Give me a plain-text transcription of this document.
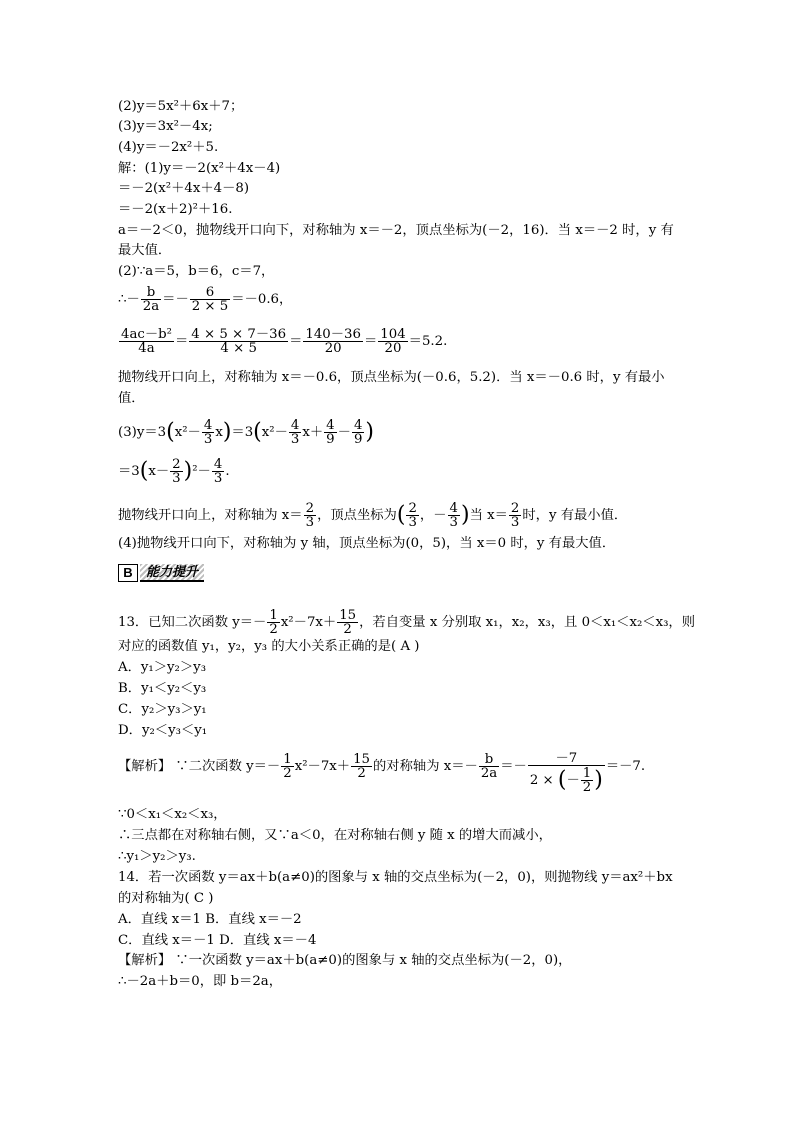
(2)y＝5x²＋6x＋7；
(3)y＝3x²－4x;
(4)y＝－2x²＋5.
解：(1)y＝－2(x²＋4x－4)
＝－2(x²＋4x＋4－8)
＝－2(x＋2)²＋16.
a＝－2＜0，抛物线开口向下，对称轴为 x＝－2，顶点坐标为(－2，16)．当 x＝－2 时，y 有
最大值．
(2)∵a＝5，b＝6，c＝7，
∴－ $\frac{b}{2a} =- \frac{6}{2 \times 5} =-0.6$，
$\frac{\text{4ac－b²}}{4a} = \frac{4 \times 5 \times 7-36}{4 \times 5} = \frac{140-36}{20} = \frac{104}{20} =5.2$.
抛物线开口向上，对称轴为 x＝－0.6，顶点坐标为(－0.6，5.2)．当 x＝－0.6 时，y 有最小
值．
$(3)y=3(x^2- \frac{4}{3} x)=3(x^2- \frac{4}{3} x+ \frac{4}{9} - \frac{4}{9}$ )
$=3(x- \frac{2}{3} )^2- \frac{4}{3}$ .
抛物线开口向上，对称轴为 $x= \frac{2}{3}$ ，顶点坐标为( $\frac{2}{3}$ ，－ $\frac{4}{3}$ )当 $x= \frac{2}{3}$ 时，y 有最小值．
(4)抛物线开口向下，对称轴为 y 轴，顶点坐标为(0，5)，当 x＝0 时，y 有最大值．
B	能力提升
13．已知二次函数 $y=- \frac{1}{2} x^2-7x+ \frac{15}{2}$ ，若自变量 x 分别取 x₁，x₂，x₃，且 0＜x₁＜x₂＜x₃，则
对应的函数值 y₁，y₂，y₃ 的大小关系正确的是( A )
A．y₁＞y₂＞y₃
B．y₁＜y₂＜y₃
C．y₂＞y₃＞y₁
D．y₂＜y₃＜y₁
【解析】 ∵二次函数 $y=- \frac{1}{2} x^2-7x+ \frac{15}{2}$ 的对称轴为 $x=- \frac{b}{2a} =- \frac{-7}{2 \times (- \frac{1}{2} )} =-7$.
∵0＜x₁＜x₂＜x₃，
∴三点都在对称轴右侧，又∵a＜0，在对称轴右侧 y 随 x 的增大而减小，
∴y₁＞y₂＞y₃.
14．若一次函数 y＝ax＋b(a≠0)的图象与 x 轴的交点坐标为(－2，0)，则抛物线 y＝ax²＋bx
的对称轴为( C )
A．直线 x＝1 B．直线 x＝－2
C．直线 x＝－1 D．直线 x＝－4
【解析】 ∵一次函数 y＝ax＋b(a≠0)的图象与 x 轴的交点坐标为(－2，0)，
∴－2a＋b＝0，即 b＝2a，
